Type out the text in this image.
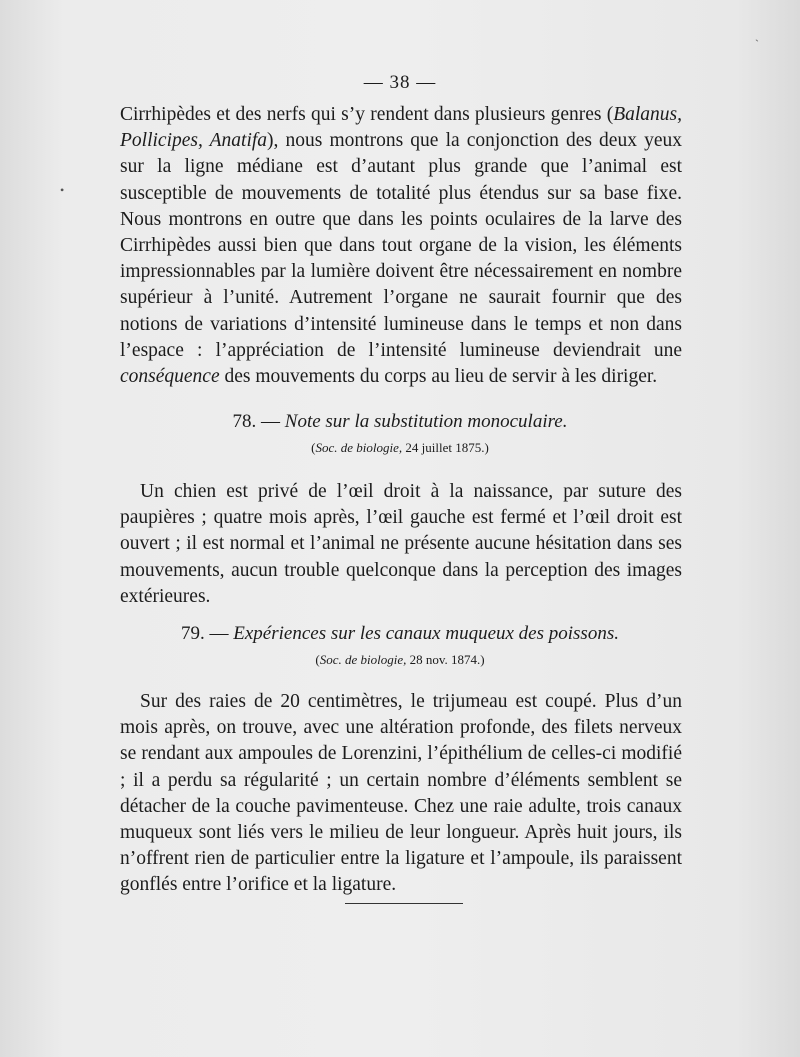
— 38 —

Cirrhipèdes et des nerfs qui s’y rendent dans plusieurs genres (Balanus, Pollicipes, Anatifa), nous montrons que la conjonction des deux yeux sur la ligne médiane est d’autant plus grande que l’animal est susceptible de mouvements de totalité plus étendus sur sa base fixe. Nous montrons en outre que dans les points oculaires de la larve des Cirrhipèdes aussi bien que dans tout organe de la vision, les éléments impressionnables par la lumière doivent être nécessairement en nombre supérieur à l’unité. Autrement l’organe ne saurait fournir que des notions de variations d’intensité lumineuse dans le temps et non dans l’espace : l’appréciation de l’intensité lumineuse deviendrait une conséquence des mouvements du corps au lieu de servir à les diriger.

78. — Note sur la substitution monoculaire.
(Soc. de biologie, 24 juillet 1875.)

Un chien est privé de l’œil droit à la naissance, par suture des paupières ; quatre mois après, l’œil gauche est fermé et l’œil droit est ouvert ; il est normal et l’animal ne présente aucune hésitation dans ses mouvements, aucun trouble quelconque dans la perception des images extérieures.

79. — Expériences sur les canaux muqueux des poissons.
(Soc. de biologie, 28 nov. 1874.)

Sur des raies de 20 centimètres, le trijumeau est coupé. Plus d’un mois après, on trouve, avec une altération profonde, des filets nerveux se rendant aux ampoules de Lorenzini, l’épithélium de celles-ci modifié ; il a perdu sa régularité ; un certain nombre d’éléments semblent se détacher de la couche pavimenteuse. Chez une raie adulte, trois canaux muqueux sont liés vers le milieu de leur longueur. Après huit jours, ils n’offrent rien de particulier entre la ligature et l’ampoule, ils paraissent gonflés entre l’orifice et la ligature.

•
ˎ
